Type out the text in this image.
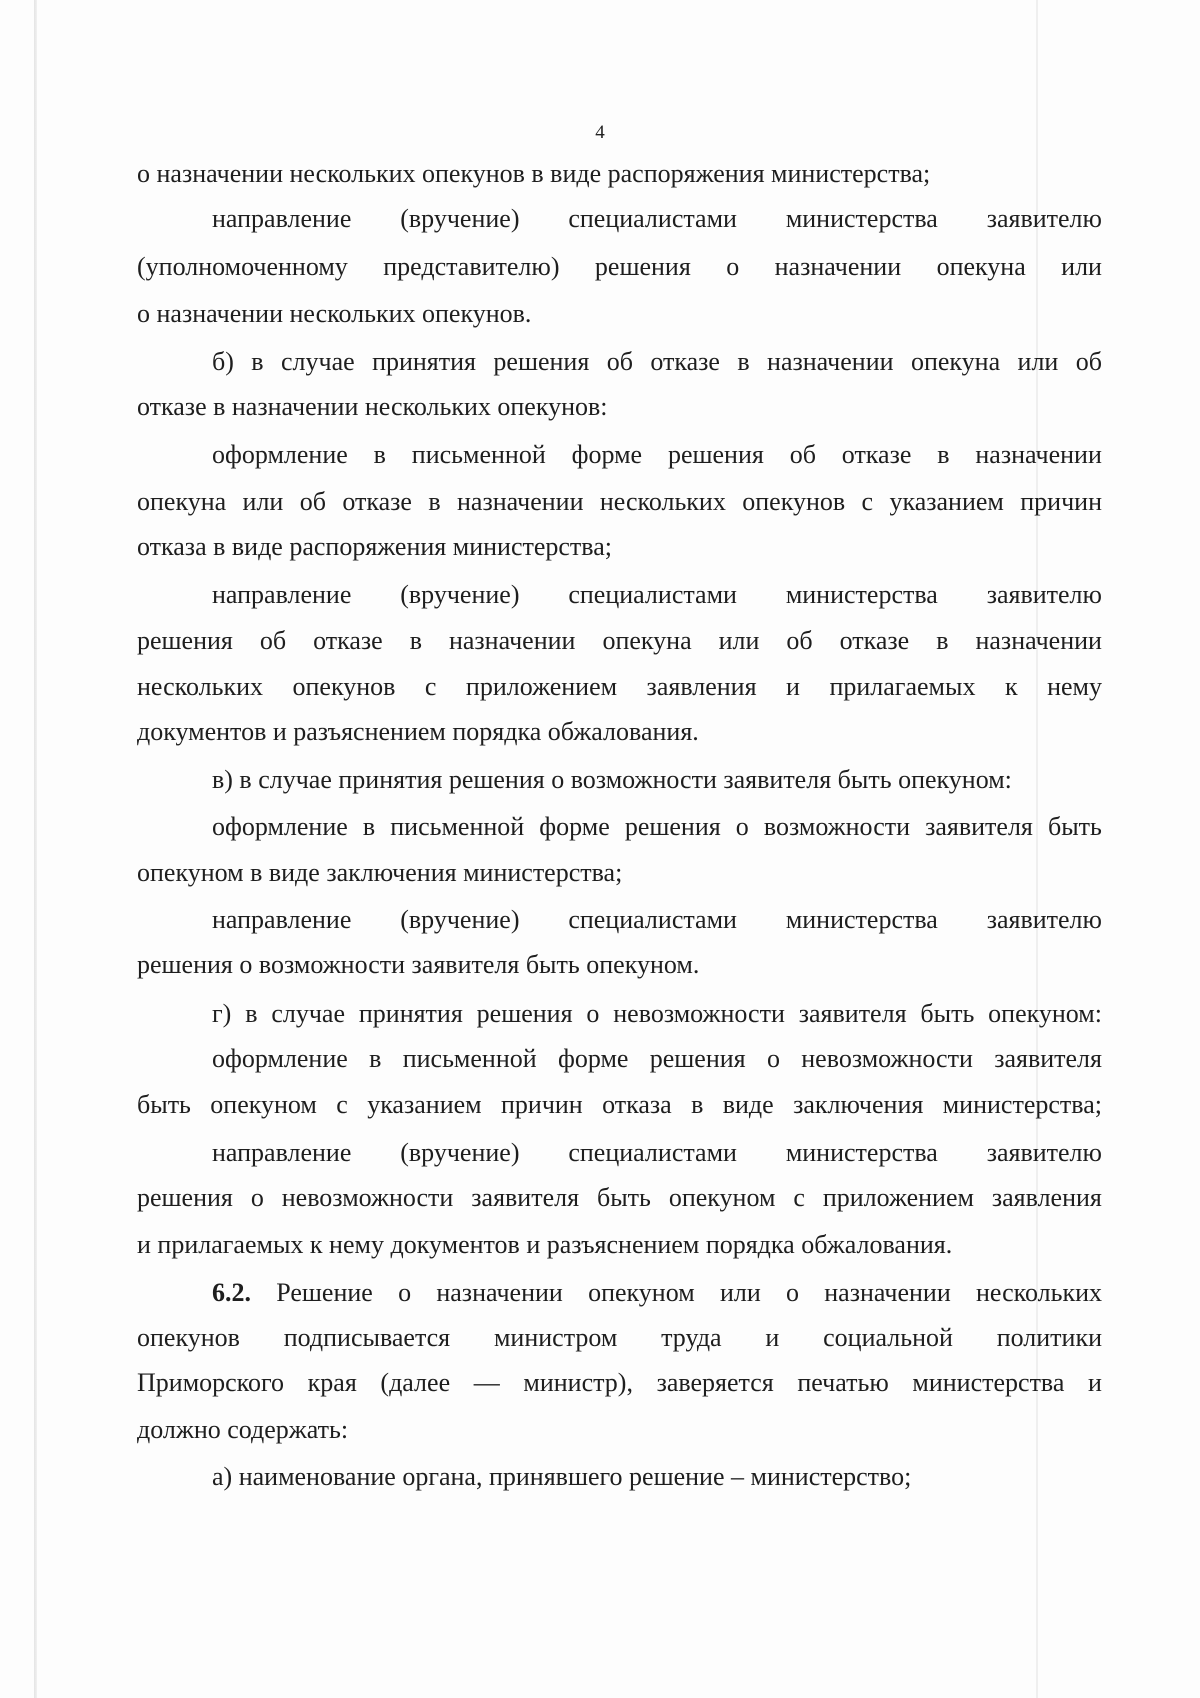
4
о назначении нескольких опекунов в виде распоряжения министерства;
направление (вручение) специалистами министерства заявителю
(уполномоченному представителю) решения о назначении опекуна или
о назначении нескольких опекунов.
б) в случае принятия решения об отказе в назначении опекуна или об
отказе в назначении нескольких опекунов:
оформление в письменной форме решения об отказе в назначении
опекуна или об отказе в назначении нескольких опекунов с указанием причин
отказа в виде распоряжения министерства;
направление (вручение) специалистами министерства заявителю
решения об отказе в назначении опекуна или об отказе в назначении
нескольких опекунов с приложением заявления и прилагаемых к нему
документов и разъяснением порядка обжалования.
в) в случае принятия решения о возможности заявителя быть опекуном:
оформление в письменной форме решения о возможности заявителя быть
опекуном в виде заключения министерства;
направление (вручение) специалистами министерства заявителю
решения о возможности заявителя быть опекуном.
г) в случае принятия решения о невозможности заявителя быть опекуном:
оформление в письменной форме решения о невозможности заявителя
быть опекуном с указанием причин отказа в виде заключения министерства;
направление (вручение) специалистами министерства заявителю
решения о невозможности заявителя быть опекуном с приложением заявления
и прилагаемых к нему документов и разъяснением порядка обжалования.
6.2. Решение о назначении опекуном или о назначении нескольких
опекунов подписывается министром труда и социальной политики
Приморского края (далее — министр), заверяется печатью министерства и
должно содержать:
а) наименование органа, принявшего решение – министерство;
